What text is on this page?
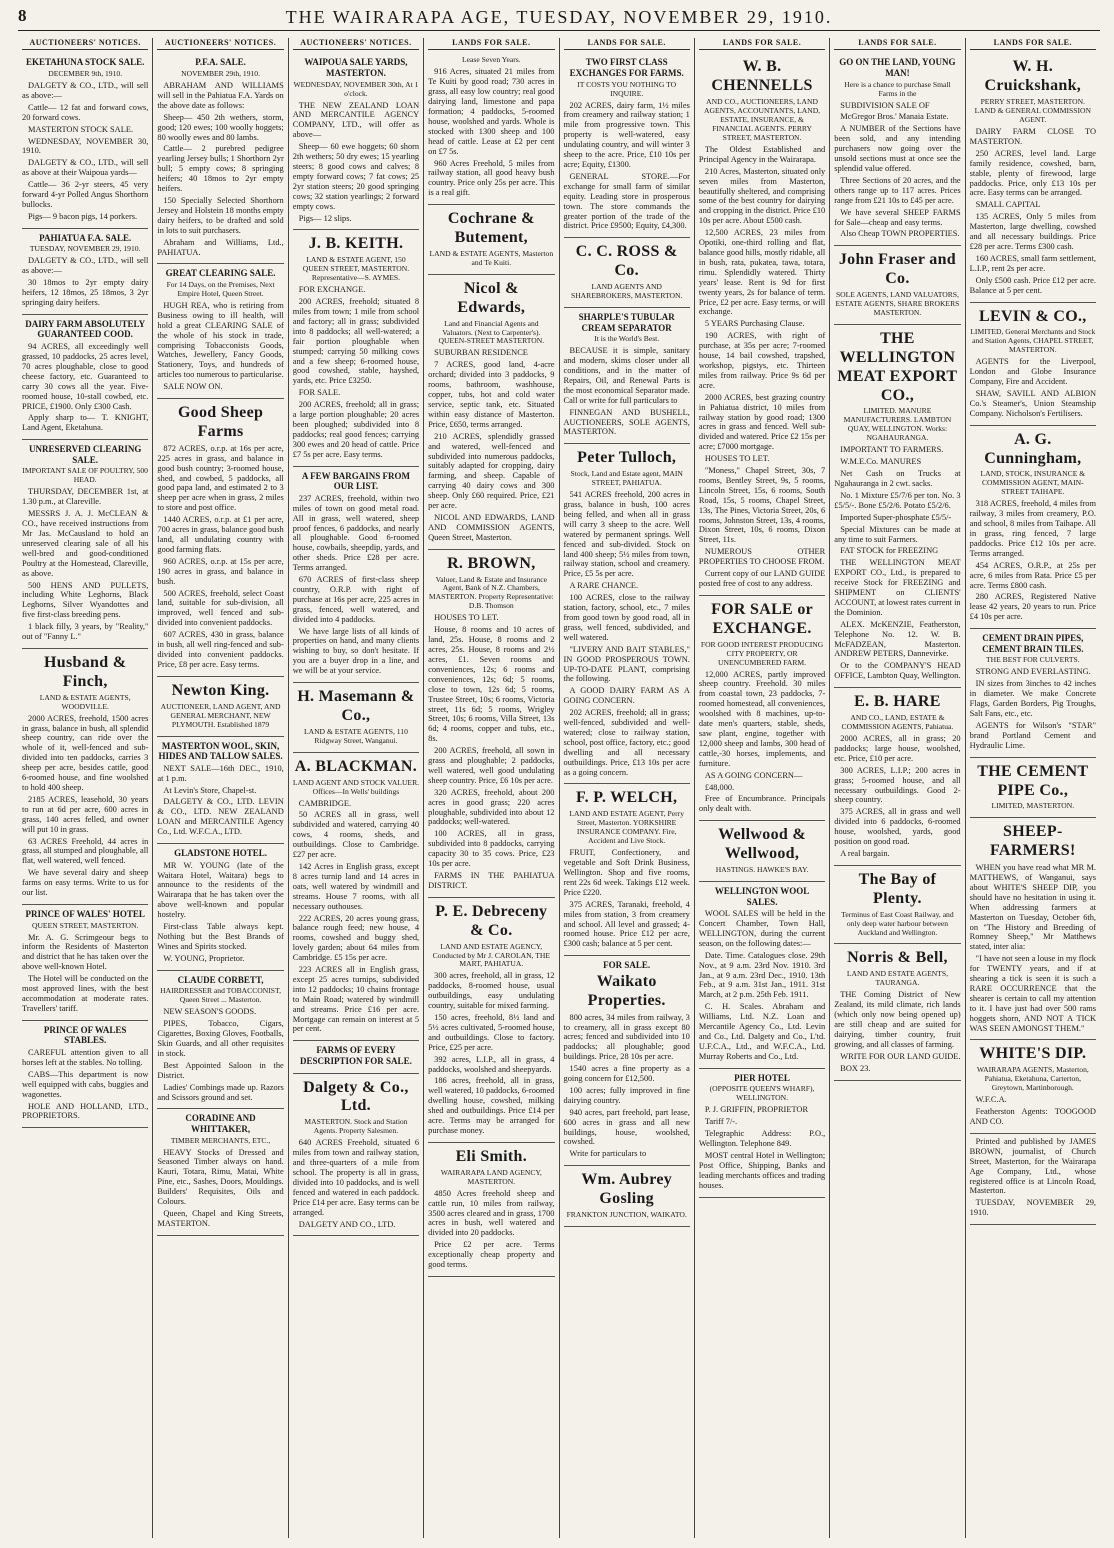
8	THE WAIRARAPA AGE, TUESDAY, NOVEMBER 29, 1910.
AUCTIONEERS' NOTICES.
EKETAHUNA STOCK SALE.
DECEMBER 9th, 1910.

DALGETY & CO., LTD., will sell as above:—

Cattle— 12 fat and forward cows, 20 forward cows.

MASTERTON STOCK SALE.

WEDNESDAY, NOVEMBER 30, 1910.

DALGETY & CO., LTD., will sell as above at their Waipoua yards—

Cattle— 36 2-yr steers, 45 very forward 4-yr Polled Angus Shorthorn bullocks.

Pigs— 9 bacon pigs, 14 porkers.

PAHIATUA F.A. SALE.
TUESDAY, NOVEMBER 29, 1910.

DALGETY & CO., LTD., will sell as above:—

30 18mos to 2yr empty dairy heifers, 12 18mos, 25 18mos, 3 2yr springing dairy heifers.

DAIRY FARM ABSOLUTELY GUARANTEED COOD.

94 ACRES, all exceedingly well grassed, 10 paddocks, 25 acres level, 70 acres ploughable, close to good cheese factory, etc. Guaranteed to carry 30 cows all the year. Five-roomed house, 10-stall cowbed, etc. PRICE, £1900. Only £300 Cash.

Apply sharp to— T. KNIGHT, Land Agent, Eketahuna.

UNRESERVED CLEARING SALE.
IMPORTANT SALE OF POULTRY, 500 HEAD.

THURSDAY, DECEMBER 1st, at 1.30 p.m., at Clareville.

MESSRS J. A. J. McCLEAN & CO., have received instructions from Mr Jas. McCausland to hold an unreserved clearing sale of all his well-bred and good-conditioned Poultry at the Homestead, Clareville, as above.

500 HENS AND PULLETS, including White Leghorns, Black Leghorns, Silver Wyandottes and five first-class breeding pens.

1 black filly, 3 years, by "Reality," out of "Fanny L."

Husband & Finch,
LAND & ESTATE AGENTS, WOODVILLE.

2000 ACRES, freehold, 1500 acres in grass, balance in bush, all splendid sheep country, can ride over the whole of it, well-fenced and sub-divided into ten paddocks, carries 3 sheep per acre, besides cattle, good 6-roomed house, and fine woolshed to hold 400 sheep.

2185 ACRES, leasehold, 30 years to run at 6d per acre, 600 acres in grass, 140 acres felled, and owner will put 10 in grass.

63 ACRES Freehold, 44 acres in grass, all stumped and ploughable, all flat, well watered, well fenced.

We have several dairy and sheep farms on easy terms. Write to us for our list.

PRINCE OF WALES' HOTEL
QUEEN STREET, MASTERTON.

Mr. A. G. Scrimgeour begs to inform the Residents of Masterton and district that he has taken over the above well-known Hotel.

The Hotel will be conducted on the most approved lines, with the best accommodation at moderate rates. Travellers' tariff.

PRINCE OF WALES STABLES.

CAREFUL attention given to all horses left at the stables. No tolling.

CABS—This department is now well equipped with cabs, buggies and wagonettes.

HOLE AND HOLLAND, LTD., PROPRIETORS.

AUCTIONEERS' NOTICES.
P.F.A. SALE.
NOVEMBER 29th, 1910.

ABRAHAM AND WILLIAMS will sell in the Pahiatua F.A. Yards on the above date as follows:

Sheep— 450 2th wethers, storm, good; 120 ewes; 100 woolly hoggets; 80 woolly ewes and 80 lambs.

Cattle— 2 purebred pedigree yearling Jersey bulls; 1 Shorthorn 2yr bull; 5 empty cows; 8 springing heifers; 40 18mos to 2yr empty heifers.

150 Specially Selected Shorthorn Jersey and Holstein 18 months empty dairy heifers, to be drafted and sold in lots to suit purchasers.

Abraham and Williams, Ltd., PAHIATUA.

GREAT CLEARING SALE.
For 14 Days, on the Premises, Next Empire Hotel, Queen Street.

HUGH REA, who is retiring from Business owing to ill health, will hold a great CLEARING SALE of the whole of his stock in trade, comprising Tobacconists Goods, Watches, Jewellery, Fancy Goods, Stationery, Toys, and hundreds of articles too numerous to particularise.

SALE NOW ON.

Good Sheep Farms

872 ACRES, o.r.p. at 16s per acre, 225 acres in grass, and balance in good bush country; 3-roomed house, shed, and cowbed, 5 paddocks, all good papa land, and estimated 2 to 3 sheep per acre when in grass, 2 miles to store and post office.

1440 ACRES, o.r.p. at £1 per acre, 700 acres in grass, balance good bush land, all undulating country with good farming flats.

960 ACRES, o.r.p. at 15s per acre, 190 acres in grass, and balance in bush.

500 ACRES, freehold, select Coast land, suitable for sub-division, all improved, well fenced and sub-divided into convenient paddocks.

607 ACRES, 430 in grass, balance in bush, all well ring-fenced and sub-divided into convenient paddocks. Price, £8 per acre. Easy terms.

Newton King.
AUCTIONEER, LAND AGENT, AND GENERAL MERCHANT, NEW PLYMOUTH. Established 1879
MASTERTON WOOL, SKIN, HIDES AND TALLOW SALES.

NEXT SALE—16th DEC., 1910, at 1 p.m.

At Levin's Store, Chapel-st.

DALGETY & CO., LTD. LEVIN & CO., LTD. NEW ZEALAND LOAN and MERCANTILE Agency Co., Ltd. W.F.C.A., LTD.

GLADSTONE HOTEL.

MR W. YOUNG (late of the Waitara Hotel, Waitara) begs to announce to the residents of the Wairarapa that he has taken over the above well-known and popular hostelry.

First-class Table always kept. Nothing but the Best Brands of Wines and Spirits stocked.

W. YOUNG, Proprietor.

CLAUDE CORBETT,
HAIRDRESSER and TOBACCONIST, Queen Street ... Masterton.

NEW SEASON'S GOODS.

PIPES, Tobacco, Cigars, Cigarettes, Boxing Gloves, Footballs, Skin Guards, and all other requisites in stock.

Best Appointed Saloon in the District.

Ladies' Combings made up. Razors and Scissors ground and set.

CORADINE AND WHITTAKER,
TIMBER MERCHANTS, ETC.,

HEAVY Stocks of Dressed and Seasoned Timber always on hand. Kauri, Totara, Rimu, Matai, White Pine, etc., Sashes, Doors, Mouldings. Builders' Requisites, Oils and Colours.

Queen, Chapel and King Streets, MASTERTON.

AUCTIONEERS' NOTICES.
WAIPOUA SALE YARDS, MASTERTON.
WEDNESDAY, NOVEMBER 30th, At 1 o'clock.

THE NEW ZEALAND LOAN AND MERCANTILE AGENCY COMPANY, LTD., will offer as above—

Sheep— 60 ewe hoggets; 60 shorn 2th wethers; 50 dry ewes; 15 yearling steers; 8 good cows and calves; 8 empty forward cows; 7 fat cows; 25 2yr station steers; 20 good springing cows; 32 station yearlings; 2 forward empty cows.

Pigs— 12 slips.

J. B. KEITH.
LAND & ESTATE AGENT, 150 QUEEN STREET, MASTERTON. Representative—S. AYMES.

FOR EXCHANGE.

200 ACRES, freehold; situated 8 miles from town; 1 mile from school and factory; all in grass; subdivided into 8 paddocks; all well-watered; a fair portion ploughable when stumped; carrying 50 milking cows and a few sheep; 6-roomed house, good cowshed, stable, hayshed, yards, etc. Price £3250.

FOR SALE.

200 ACRES, freehold; all in grass; a large portion ploughable; 20 acres been ploughed; subdivided into 8 paddocks; real good fences; carrying 300 ewes and 20 head of cattle. Price £7 5s per acre. Easy terms.

A FEW BARGAINS FROM OUR LIST.

237 ACRES, freehold, within two miles of town on good metal road. All in grass, well watered, sheep proof fences, 6 paddocks, and nearly all ploughable. Good 6-roomed house, cowbails, sheepdip, yards, and other sheds. Price £28 per acre. Terms arranged.

670 ACRES of first-class sheep country, O.R.P. with right of purchase at 16s per acre, 225 acres in grass, fenced, well watered, and divided into 4 paddocks.

We have large lists of all kinds of properties on hand, and many clients wishing to buy, so don't hesitate. If you are a buyer drop in a line, and we will be at your service.

H. Masemann & Co.,
LAND & ESTATE AGENTS, 110 Ridgway Street, Wanganui.
A. BLACKMAN.
LAND AGENT AND STOCK VALUER. Offices—In Wells' buildings

CAMBRIDGE.

50 ACRES all in grass, well subdivided and watered, carrying 40 cows, 4 rooms, sheds, and outbuildings. Close to Cambridge. £27 per acre.

142 Acres in English grass, except 8 acres turnip land and 14 acres in oats, well watered by windmill and streams. House 7 rooms, with all necessary outhouses.

222 ACRES, 20 acres young grass, balance rough feed; new house, 4 rooms, cowshed and buggy shed, lovely garden; about 64 miles from Cambridge. £5 15s per acre.

223 ACRES all in English grass, except 25 acres turnips, subdivided into 12 paddocks; 10 chains frontage to Main Road; watered by windmill and streams. Price £16 per acre. Mortgage can remain on interest at 5 per cent.

FARMS OF EVERY DESCRIPTION FOR SALE.
Dalgety & Co., Ltd.
MASTERTON. Stock and Station Agents. Property Salesmen.

640 ACRES Freehold, situated 6 miles from town and railway station, and three-quarters of a mile from school. The property is all in grass, divided into 10 paddocks, and is well fenced and watered in each paddock. Price £14 per acre. Easy terms can be arranged.

DALGETY AND CO., LTD.

LANDS FOR SALE.
Lease Seven Years.

916 Acres, situated 21 miles from Te Kuiti by good road; 730 acres in grass, all easy low country; real good dairying land, limestone and papa formation; 4 paddocks, 5-roomed house, woolshed and yards. Whole is stocked with 1300 sheep and 100 head of cattle. Lease at £2 per cent on £7 5s.

960 Acres Freehold, 5 miles from railway station, all good heavy bush country. Price only 25s per acre. This is a real gift.

Cochrane & Butement,
LAND & ESTATE AGENTS, Masterton and Te Kuiti.
Nicol & Edwards,
Land and Financial Agents and Valuators. (Next to Carpenter's). QUEEN-STREET MASTERTON.

SUBURBAN RESIDENCE

7 ACRES, good land, 4-acre orchard; divided into 3 paddocks, 9 rooms, bathroom, washhouse, copper, tubs, hot and cold water service, septic tank, etc. Situated within easy distance of Masterton. Price, £650, terms arranged.

210 ACRES, splendidly grassed and watered, well-fenced and subdivided into numerous paddocks, suitably adapted for cropping, dairy farming, and sheep. Capable of carrying 40 dairy cows and 300 sheep. Only £60 required. Price, £21 per acre.

NICOL AND EDWARDS, LAND AND COMMISSION AGENTS, Queen Street, Masterton.

R. BROWN,
Valuer, Land & Estate and Insurance Agent, Bank of N.Z. Chambers, MASTERTON. Property Representative: D.B. Thomson

HOUSES TO LET.

House, 8 rooms and 10 acres of land, 25s. House, 8 rooms and 2 acres, 25s. House, 8 rooms and 2½ acres, £1. Seven rooms and conveniences, 12s; 6 rooms and conveniences, 12s; 6d; 5 rooms, close to town, 12s 6d; 5 rooms, Trustee Street, 10s; 6 rooms, Victoria street, 11s 6d; 5 rooms, Wrigley Street, 10s; 6 rooms, Villa Street, 13s 6d; 4 rooms, copper and tubs, etc., 8s.

200 ACRES, freehold, all sown in grass and ploughable; 2 paddocks, well watered, well good undulating sheep country. Price, £6 10s per acre.

320 ACRES, freehold, about 200 acres in good grass; 220 acres ploughable, subdivided into about 12 paddocks; well-watered.

100 ACRES, all in grass, subdivided into 8 paddocks, carrying capacity 30 to 35 cows. Price, £23 10s per acre.

FARMS IN THE PAHIATUA DISTRICT.

P. E. Debreceny & Co.
LAND AND ESTATE AGENCY, Conducted by Mr J. CAROLAN, THE MART, PAHIATUA.

300 acres, freehold, all in grass, 12 paddocks, 8-roomed house, usual outbuildings, easy undulating country, suitable for mixed farming.

150 acres, freehold, 8½ land and 5½ acres cultivated, 5-roomed house, and outbuildings. Close to factory. Price, £25 per acre.

392 acres, L.I.P., all in grass, 4 paddocks, woolshed and sheepyards.

186 acres, freehold, all in grass, well watered, 10 paddocks, 6-roomed dwelling house, cowshed, milking shed and outbuildings. Price £14 per acre. Terms may be arranged for purchase money.

Eli Smith.
WAIRARAPA LAND AGENCY, MASTERTON.

4850 Acres freehold sheep and cattle run, 10 miles from railway, 3500 acres cleared and in grass, 1700 acres in bush, well watered and divided into 20 paddocks.

Price £2 per acre. Terms exceptionally cheap property and good terms.

LANDS FOR SALE.
TWO FIRST CLASS EXCHANGES FOR FARMS.
IT COSTS YOU NOTHING TO INQUIRE.

202 ACRES, dairy farm, 1½ miles from creamery and railway station; 1 mile from progressive town. This property is well-watered, easy undulating country, and will winter 3 sheep to the acre. Price, £10 10s per acre; Equity, £1300.

GENERAL STORE.—For exchange for small farm of similar equity. Leading store in prosperous town. The store commands the greater portion of the trade of the district. Price £9500; Equity, £4,300.

C. C. ROSS & Co.
LAND AGENTS AND SHAREBROKERS, MASTERTON.
SHARPLE'S TUBULAR CREAM SEPARATOR
It is the World's Best.

BECAUSE it is simple, sanitary and modern, skims closer under all conditions, and in the matter of Repairs, Oil, and Renewal Parts is the most economical Separator made. Call or write for full particulars to

FINNEGAN AND BUSHELL, AUCTIONEERS, SOLE AGENTS, MASTERTON.

Peter Tulloch,
Stock, Land and Estate agent, MAIN STREET, PAHIATUA.

541 ACRES freehold, 200 acres in grass, balance in bush, 100 acres being felled, and when all in grass will carry 3 sheep to the acre. Well watered by permanent springs. Well fenced and sub-divided. Stock on land 400 sheep; 5½ miles from town, railway station, school and creamery. Price, £5 5s per acre.

A RARE CHANCE.

100 ACRES, close to the railway station, factory, school, etc., 7 miles from good town by good road, all in grass, well fenced, subdivided, and well watered.

"LIVERY AND BAIT STABLES," IN GOOD PROSPEROUS TOWN. UP-TO-DATE PLANT, comprising the following.

A GOOD DAIRY FARM AS A GOING CONCERN.

202 ACRES, freehold; all in grass; well-fenced, subdivided and well-watered; close to railway station, school, post office, factory, etc.; good dwelling and all necessary outbuildings. Price, £13 10s per acre as a going concern.

F. P. WELCH,
LAND AND ESTATE AGENT, Perry Street, Masterton. YORKSHIRE INSURANCE COMPANY. Fire, Accident and Live Stock.

FRUIT, Confectionery, and vegetable and Soft Drink Business, Wellington. Shop and five rooms, rent 22s 6d week. Takings £12 week. Price £220.

375 ACRES, Taranaki, freehold, 4 miles from station, 3 from creamery and school. All level and grassed; 4-roomed house. Price £12 per acre, £300 cash; balance at 5 per cent.

FOR SALE.
Waikato Properties.

800 acres, 34 miles from railway, 3 to creamery, all in grass except 80 acres; fenced and subdivided into 10 paddocks; all ploughable; good buildings. Price, 28 10s per acre.

1540 acres a fine property as a going concern for £12,500.

100 acres; fully improved in fine dairying country.

940 acres, part freehold, part lease, 600 acres in grass and all new buildings, house, woolshed, cowshed.

Write for particulars to

Wm. Aubrey Gosling
FRANKTON JUNCTION, WAIKATO.
LANDS FOR SALE.
W. B. CHENNELLS
AND CO., AUCTIONEERS, LAND AGENTS, ACCOUNTANTS, LAND, ESTATE, INSURANCE, & FINANCIAL AGENTS. PERRY STREET, MASTERTON.

The Oldest Established and Principal Agency in the Wairarapa.

210 Acres, Masterton, situated only seven miles from Masterton, beautifully sheltered, and comprising some of the best country for dairying and cropping in the district. Price £10 10s per acre. About £500 cash.

12,500 ACRES, 23 miles from Opotiki, one-third rolling and flat, balance good hills, mostly ridable, all in bush, rata, pukatea, tawa, totara, rimu. Splendidly watered. Thirty years' lease. Rent is 9d for first twenty years, 2s for balance of term. Price, £2 per acre. Easy terms, or will exchange.

5 YEARS Purchasing Clause.

190 ACRES, with right of purchase, at 35s per acre; 7-roomed house, 14 bail cowshed, trapshed, workshop, pigstys, etc. Thirteen miles from railway. Price 9s 6d per acre.

2000 ACRES, best grazing country in Pahiatua district, 10 miles from railway station by good road; 1300 acres in grass and fenced. Well sub-divided and watered. Price £2 15s per acre; £7000 mortgage.

HOUSES TO LET.

"Moness," Chapel Street, 30s, 7 rooms, Bentley Street, 9s, 5 rooms, Lincoln Street, 15s, 6 rooms, South Road, 15s, 5 rooms, Chapel Street, 13s, The Pines, Victoria Street, 20s, 6 rooms, Johnston Street, 13s, 4 rooms, Dixon Street, 10s, 6 rooms, Dixon Street, 11s.

NUMEROUS OTHER PROPERTIES TO CHOOSE FROM.

Current copy of our LAND GUIDE posted free of cost to any address.

FOR SALE or EXCHANGE.
FOR GOOD INTEREST PRODUCING CITY PROPERTY, OR UNENCUMBERED FARM.

12,000 ACRES, partly improved sheep country. Freehold. 30 miles from coastal town, 23 paddocks, 7-roomed homestead, all conveniences, woolshed with 8 machines, up-to-date men's quarters, stable, sheds, saw plant, engine, together with 12,000 sheep and lambs, 300 head of cattle,-30 horses, implements, and furniture.

AS A GOING CONCERN—

£48,000.

Free of Encumbrance. Principals only dealt with.

Wellwood & Wellwood,
HASTINGS. HAWKE'S BAY.
WELLINGTON WOOL SALES.

WOOL SALES will be held in the Concert Chamber, Town Hall, WELLINGTON, during the current season, on the following dates:—

Date. Time. Catalogues close. 29th Nov., at 9 a.m. 23rd Nov. 1910. 3rd Jan., at 9 a.m. 23rd Dec., 1910. 13th Feb., at 9 a.m. 31st Jan., 1911. 31st March, at 2 p.m. 25th Feb. 1911.

C. H. Scales. Abraham and Williams, Ltd. N.Z. Loan and Mercantile Agency Co., Ltd. Levin and Co., Ltd. Dalgety and Co., L'td. U.F.C.A., Ltd., and W.F.C.A., Ltd. Murray Roberts and Co., Ltd.

PIER HOTEL
(OPPOSITE QUEEN'S WHARF), WELLINGTON.

P. J. GRIFFIN, PROPRIETOR

Tariff 7/-.

Telegraphic Address: P.O., Wellington. Telephone 849.

MOST central Hotel in Wellington; Post Office, Shipping, Banks and leading merchants offices and trading houses.

LANDS FOR SALE.
GO ON THE LAND, YOUNG MAN!
Here is a chance to purchase Small Farms in the

SUBDIVISION SALE OF

McGregor Bros.' Manaia Estate.

A NUMBER of the Sections have been sold, and any intending purchasers now going over the unsold sections must at once see the splendid value offered.

Three Sections of 20 acres, and the others range up to 117 acres. Prices range from £21 10s to £45 per acre.

We have several SHEEP FARMS for Sale—cheap and easy terms.

Also Cheap TOWN PROPERTIES.

John Fraser and Co.
SOLE AGENTS, LAND VALUATORS, ESTATE AGENTS, SHARE BROKERS MASTERTON.
THE WELLINGTON MEAT EXPORT CO.,
LIMITED. MANURE MANUFACTURERS. LAMBTON QUAY, WELLINGTON. Works: NGAHAURANGA.

IMPORTANT TO FARMERS.

W.M.E.Co. MANURES

Net Cash on Trucks at Ngahauranga in 2 cwt. sacks.

No. 1 Mixture £5/7/6 per ton. No. 3 £5/5/-. Bone £5/2/6. Potato £5/2/6.

Imported Super-phosphate £5/5/-

Special Mixtures can be made at any time to suit Farmers.

FAT STOCK for FREEZING

THE WELLINGTON MEAT EXPORT CO., Ltd., is prepared to receive Stock for FREEZING and SHIPMENT on CLIENTS' ACCOUNT, at lowest rates current in the Dominion.

ALEX. McKENZIE, Featherston, Telephone No. 12. W. B. McFADZEAN, Masterton. ANDREW PETERS, Dannevirke.

Or to the COMPANY'S HEAD OFFICE, Lambton Quay, Wellington.

E. B. HARE
AND CO., LAND, ESTATE & COMMISSION AGENTS, Pahiatua.

2000 ACRES, all in grass; 20 paddocks; large house, woolshed, etc. Price, £10 per acre.

300 ACRES, L.I.P.; 200 acres in grass; 5-roomed house, and all necessary outbuildings. Good 2-sheep country.

375 ACRES, all in grass and well divided into 6 paddocks, 6-roomed house, woolshed, yards, good position on good road.

A real bargain.

The Bay of Plenty.
Terminus of East Coast Railway, and only deep water harbour between Auckland and Wellington.
Norris & Bell,
LAND AND ESTATE AGENTS, TAURANGA.

THE Coming District of New Zealand, its mild climate, rich lands (which only now being opened up) are still cheap and are suited for dairying, timber country, fruit growing, and all classes of farming.

WRITE FOR OUR LAND GUIDE.

BOX 23.

LANDS FOR SALE.
W. H. Cruickshank,
PERRY STREET, MASTERTON. LAND & GENERAL COMMISSION AGENT.

DAIRY FARM CLOSE TO MASTERTON.

250 ACRES, level land. Large family residence, cowshed, barn, stable, plenty of firewood, large paddocks. Price, only £13 10s per acre. Easy terms can be arranged.

SMALL CAPITAL

135 ACRES, Only 5 miles from Masterton, large dwelling, cowshed and all necessary buildings. Price £28 per acre. Terms £300 cash.

160 ACRES, small farm settlement, L.I.P., rent 2s per acre.

Only £500 cash. Price £12 per acre. Balance at 5 per cent.

LEVIN & CO.,
LIMITED, General Merchants and Stock and Station Agents, CHAPEL STREET, MASTERTON.

AGENTS for the Liverpool, London and Globe Insurance Company, Fire and Accident.

SHAW, SAVILL AND ALBION Co.'s Steamer's, Union Steamship Company. Nicholson's Fertilisers.

A. G. Cunningham,
LAND, STOCK, INSURANCE & COMMISSION AGENT, MAIN-STREET TAIHAPE.

318 ACRES, freehold, 4 miles from railway, 3 miles from creamery, P.O. and school, 8 miles from Taihape. All in grass, ring fenced, 7 large paddocks. Price £12 10s per acre. Terms arranged.

454 ACRES, O.R.P., at 25s per acre, 6 miles from Rata. Price £5 per acre. Terms £800 cash.

280 ACRES, Registered Native lease 42 years, 20 years to run. Price £4 10s per acre.

CEMENT DRAIN PIPES, CEMENT BRAIN TILES.
THE BEST FOR CULVERTS.

STRONG AND EVERLASTING.

IN sizes from 3inches to 42 inches in diameter. We make Concrete Flags, Garden Borders, Pig Troughs, Salt Fans, etc., etc.

AGENTS for Wilson's "STAR" brand Portland Cement and Hydraulic Lime.

THE CEMENT PIPE Co.,
LIMITED, MASTERTON.
SHEEP-FARMERS!

WHEN you have read what MR M. MATTHEWS, of Wanganui, says about WHITE'S SHEEP DIP, you should have no hesitation in using it. When addressing farmers at Masterton on Tuesday, October 6th, on "The History and Breeding of Romney Sheep," Mr Matthews stated, inter alia:

"I have not seen a louse in my flock for TWENTY years, and if at shearing a tick is seen it is such a RARE OCCURRENCE that the shearer is certain to call my attention to it. I have just had over 500 rams hoggets shorn, AND NOT A TICK WAS SEEN AMONGST THEM."

WHITE'S DIP.
WAIRARAPA AGENTS, Masterton, Pahiatua, Eketahuna, Carterton, Greytown, Martinborough.

W.F.C.A.

Featherston Agents: TOOGOOD AND CO.

Printed and published by JAMES BROWN, journalist, of Church Street, Masterton, for the Wairarapa Age Company, Ltd., whose registered office is at Lincoln Road, Masterton.

TUESDAY, NOVEMBER 29, 1910.
